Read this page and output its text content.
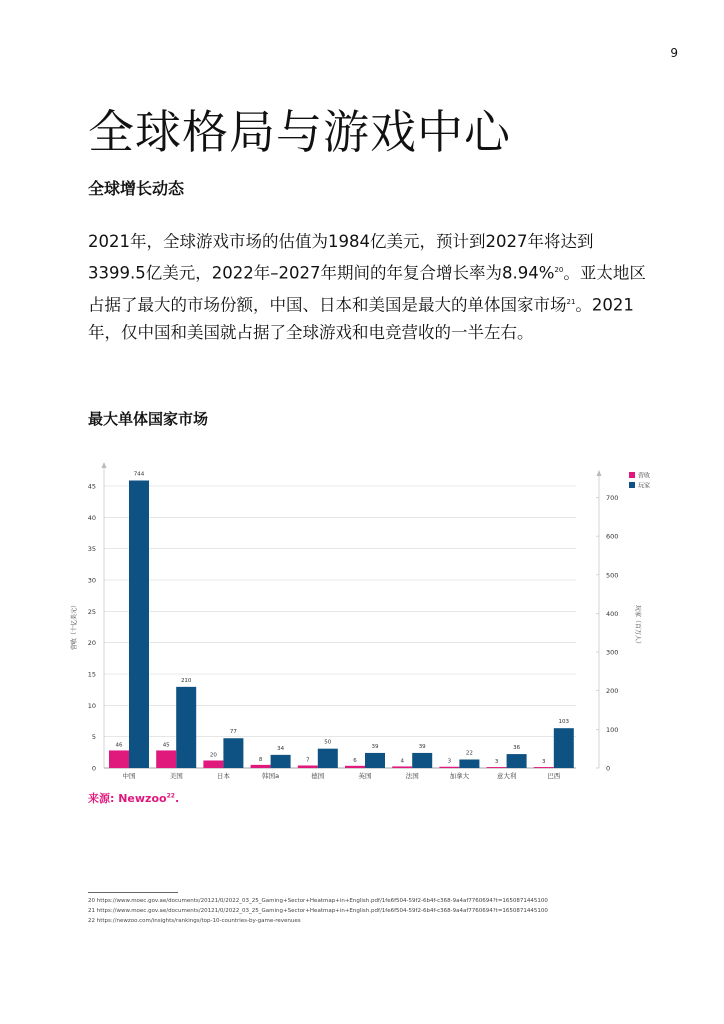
9
全球格局与游戏中心
全球增长动态

2021年，全球游戏市场的估值为1984亿美元，预计到2027年将达到3399.5亿美元，2022年–2027年期间的年复合增长率为8.94%$^{20}$。亚太地区占据了最大的市场份额，中国、日本和美国是最大的单体国家市场$^{21}$。2021年，仅中国和美国就占据了全球游戏和电竞营收的一半左右。

最大单体国家市场
0
5
10
15
20
25
30
35
40
45
0
100
200
300
400
500
600
700
营收（十亿美元）	玩家（百万人）
46
744
中国
45
210
美国
20
77
日本
8
34
韩国a
7
50
德国
6
39
英国
4
39
法国
3
22
加拿大
3
36
意大利
3
103
巴西
营收
玩家
来源: Newzoo$^{22}$.
20 https://www.moec.gov.ae/documents/20121/0/2022_03_25_Gaming+Sector+Heatmap+in+English.pdf/1fe6f504-59f2-6b4f-c368-9a4af7760694?t=1650871445100
21 https://www.moec.gov.ae/documents/20121/0/2022_03_25_Gaming+Sector+Heatmap+in+English.pdf/1fe6f504-59f2-6b4f-c368-9a4af7760694?t=1650871445100
22 https://newzoo.com/insights/rankings/top-10-countries-by-game-revenues
